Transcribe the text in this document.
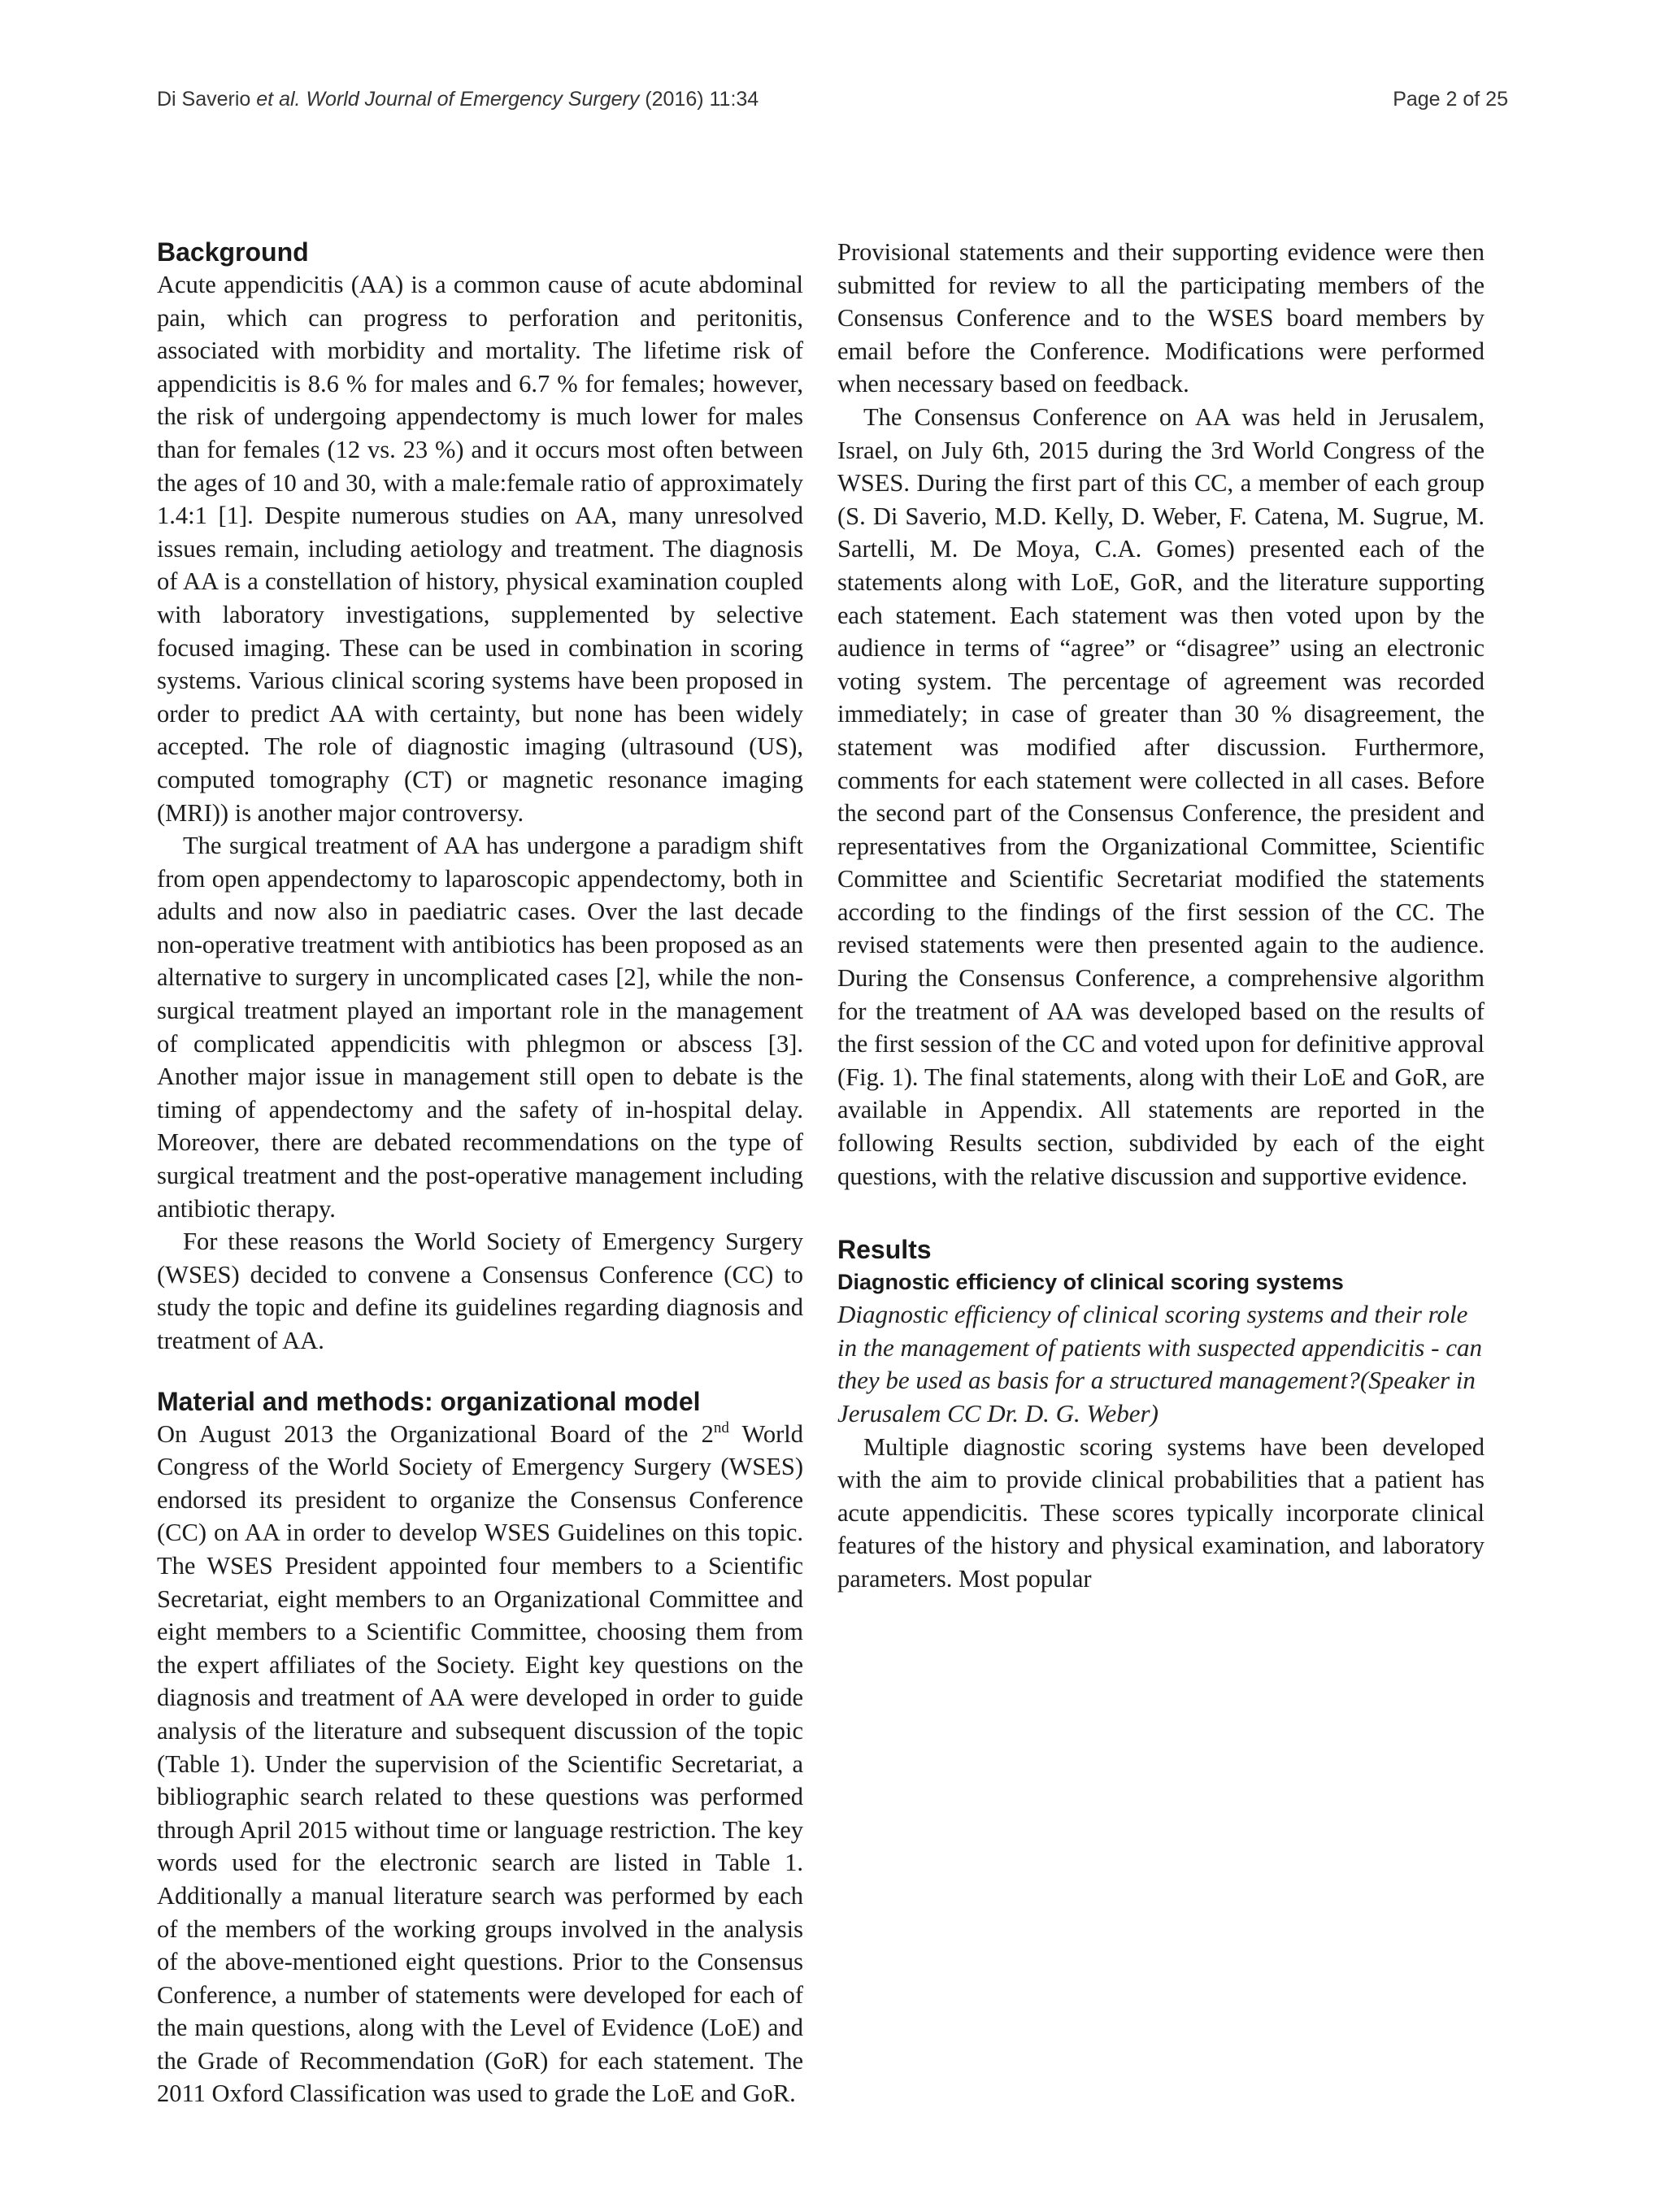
Di Saverio et al. World Journal of Emergency Surgery (2016) 11:34	Page 2 of 25
Background

Acute appendicitis (AA) is a common cause of acute abdominal pain, which can progress to perforation and peritonitis, associated with morbidity and mortality. The lifetime risk of appendicitis is 8.6 % for males and 6.7 % for females; however, the risk of undergoing appendectomy is much lower for males than for females (12 vs. 23 %) and it occurs most often between the ages of 10 and 30, with a male:female ratio of approximately 1.4:1 [1]. Despite numerous studies on AA, many unresolved issues remain, including aetiology and treatment. The diagnosis of AA is a constellation of history, physical examination coupled with laboratory investigations, supplemented by selective focused imaging. These can be used in combination in scoring systems. Various clinical scoring systems have been proposed in order to predict AA with certainty, but none has been widely accepted. The role of diagnostic imaging (ultrasound (US), computed tomography (CT) or magnetic resonance imaging (MRI)) is another major controversy.

The surgical treatment of AA has undergone a paradigm shift from open appendectomy to laparoscopic appendectomy, both in adults and now also in paediatric cases. Over the last decade non-operative treatment with antibiotics has been proposed as an alternative to surgery in uncomplicated cases [2], while the non-surgical treatment played an important role in the management of complicated appendicitis with phlegmon or abscess [3]. Another major issue in management still open to debate is the timing of appendectomy and the safety of in-hospital delay. Moreover, there are debated recommendations on the type of surgical treatment and the post-operative management including antibiotic therapy.

For these reasons the World Society of Emergency Surgery (WSES) decided to convene a Consensus Conference (CC) to study the topic and define its guidelines regarding diagnosis and treatment of AA.

Material and methods: organizational model

On August 2013 the Organizational Board of the 2nd World Congress of the World Society of Emergency Surgery (WSES) endorsed its president to organize the Consensus Conference (CC) on AA in order to develop WSES Guidelines on this topic. The WSES President appointed four members to a Scientific Secretariat, eight members to an Organizational Committee and eight members to a Scientific Committee, choosing them from the expert affiliates of the Society. Eight key questions on the diagnosis and treatment of AA were developed in order to guide analysis of the literature and subsequent discussion of the topic (Table 1). Under the supervision of the Scientific Secretariat, a bibliographic search related to these questions was performed through April 2015 without time or language restriction. The key words used for the electronic search are listed in Table 1. Additionally a manual literature search was performed by each of the members of the working groups involved in the analysis of the above-mentioned eight questions. Prior to the Consensus Conference, a number of statements were developed for each of the main questions, along with the Level of Evidence (LoE) and the Grade of Recommendation (GoR) for each statement. The 2011 Oxford Classification was used to grade the LoE and GoR.

Provisional statements and their supporting evidence were then submitted for review to all the participating members of the Consensus Conference and to the WSES board members by email before the Conference. Modifications were performed when necessary based on feedback.

The Consensus Conference on AA was held in Jerusalem, Israel, on July 6th, 2015 during the 3rd World Congress of the WSES. During the first part of this CC, a member of each group (S. Di Saverio, M.D. Kelly, D. Weber, F. Catena, M. Sugrue, M. Sartelli, M. De Moya, C.A. Gomes) presented each of the statements along with LoE, GoR, and the literature supporting each statement. Each statement was then voted upon by the audience in terms of “agree” or “disagree” using an electronic voting system. The percentage of agreement was recorded immediately; in case of greater than 30 % disagreement, the statement was modified after discussion. Furthermore, comments for each statement were collected in all cases. Before the second part of the Consensus Conference, the president and representatives from the Organizational Committee, Scientific Committee and Scientific Secretariat modified the statements according to the findings of the first session of the CC. The revised statements were then presented again to the audience. During the Consensus Conference, a comprehensive algorithm for the treatment of AA was developed based on the results of the first session of the CC and voted upon for definitive approval (Fig. 1). The final statements, along with their LoE and GoR, are available in Appendix. All statements are reported in the following Results section, subdivided by each of the eight questions, with the relative discussion and supportive evidence.

Results
Diagnostic efficiency of clinical scoring systems

Diagnostic efficiency of clinical scoring systems and their role in the management of patients with suspected appendicitis - can they be used as basis for a structured management?(Speaker in Jerusalem CC Dr. D. G. Weber)

Multiple diagnostic scoring systems have been developed with the aim to provide clinical probabilities that a patient has acute appendicitis. These scores typically incorporate clinical features of the history and physical examination, and laboratory parameters. Most popular
